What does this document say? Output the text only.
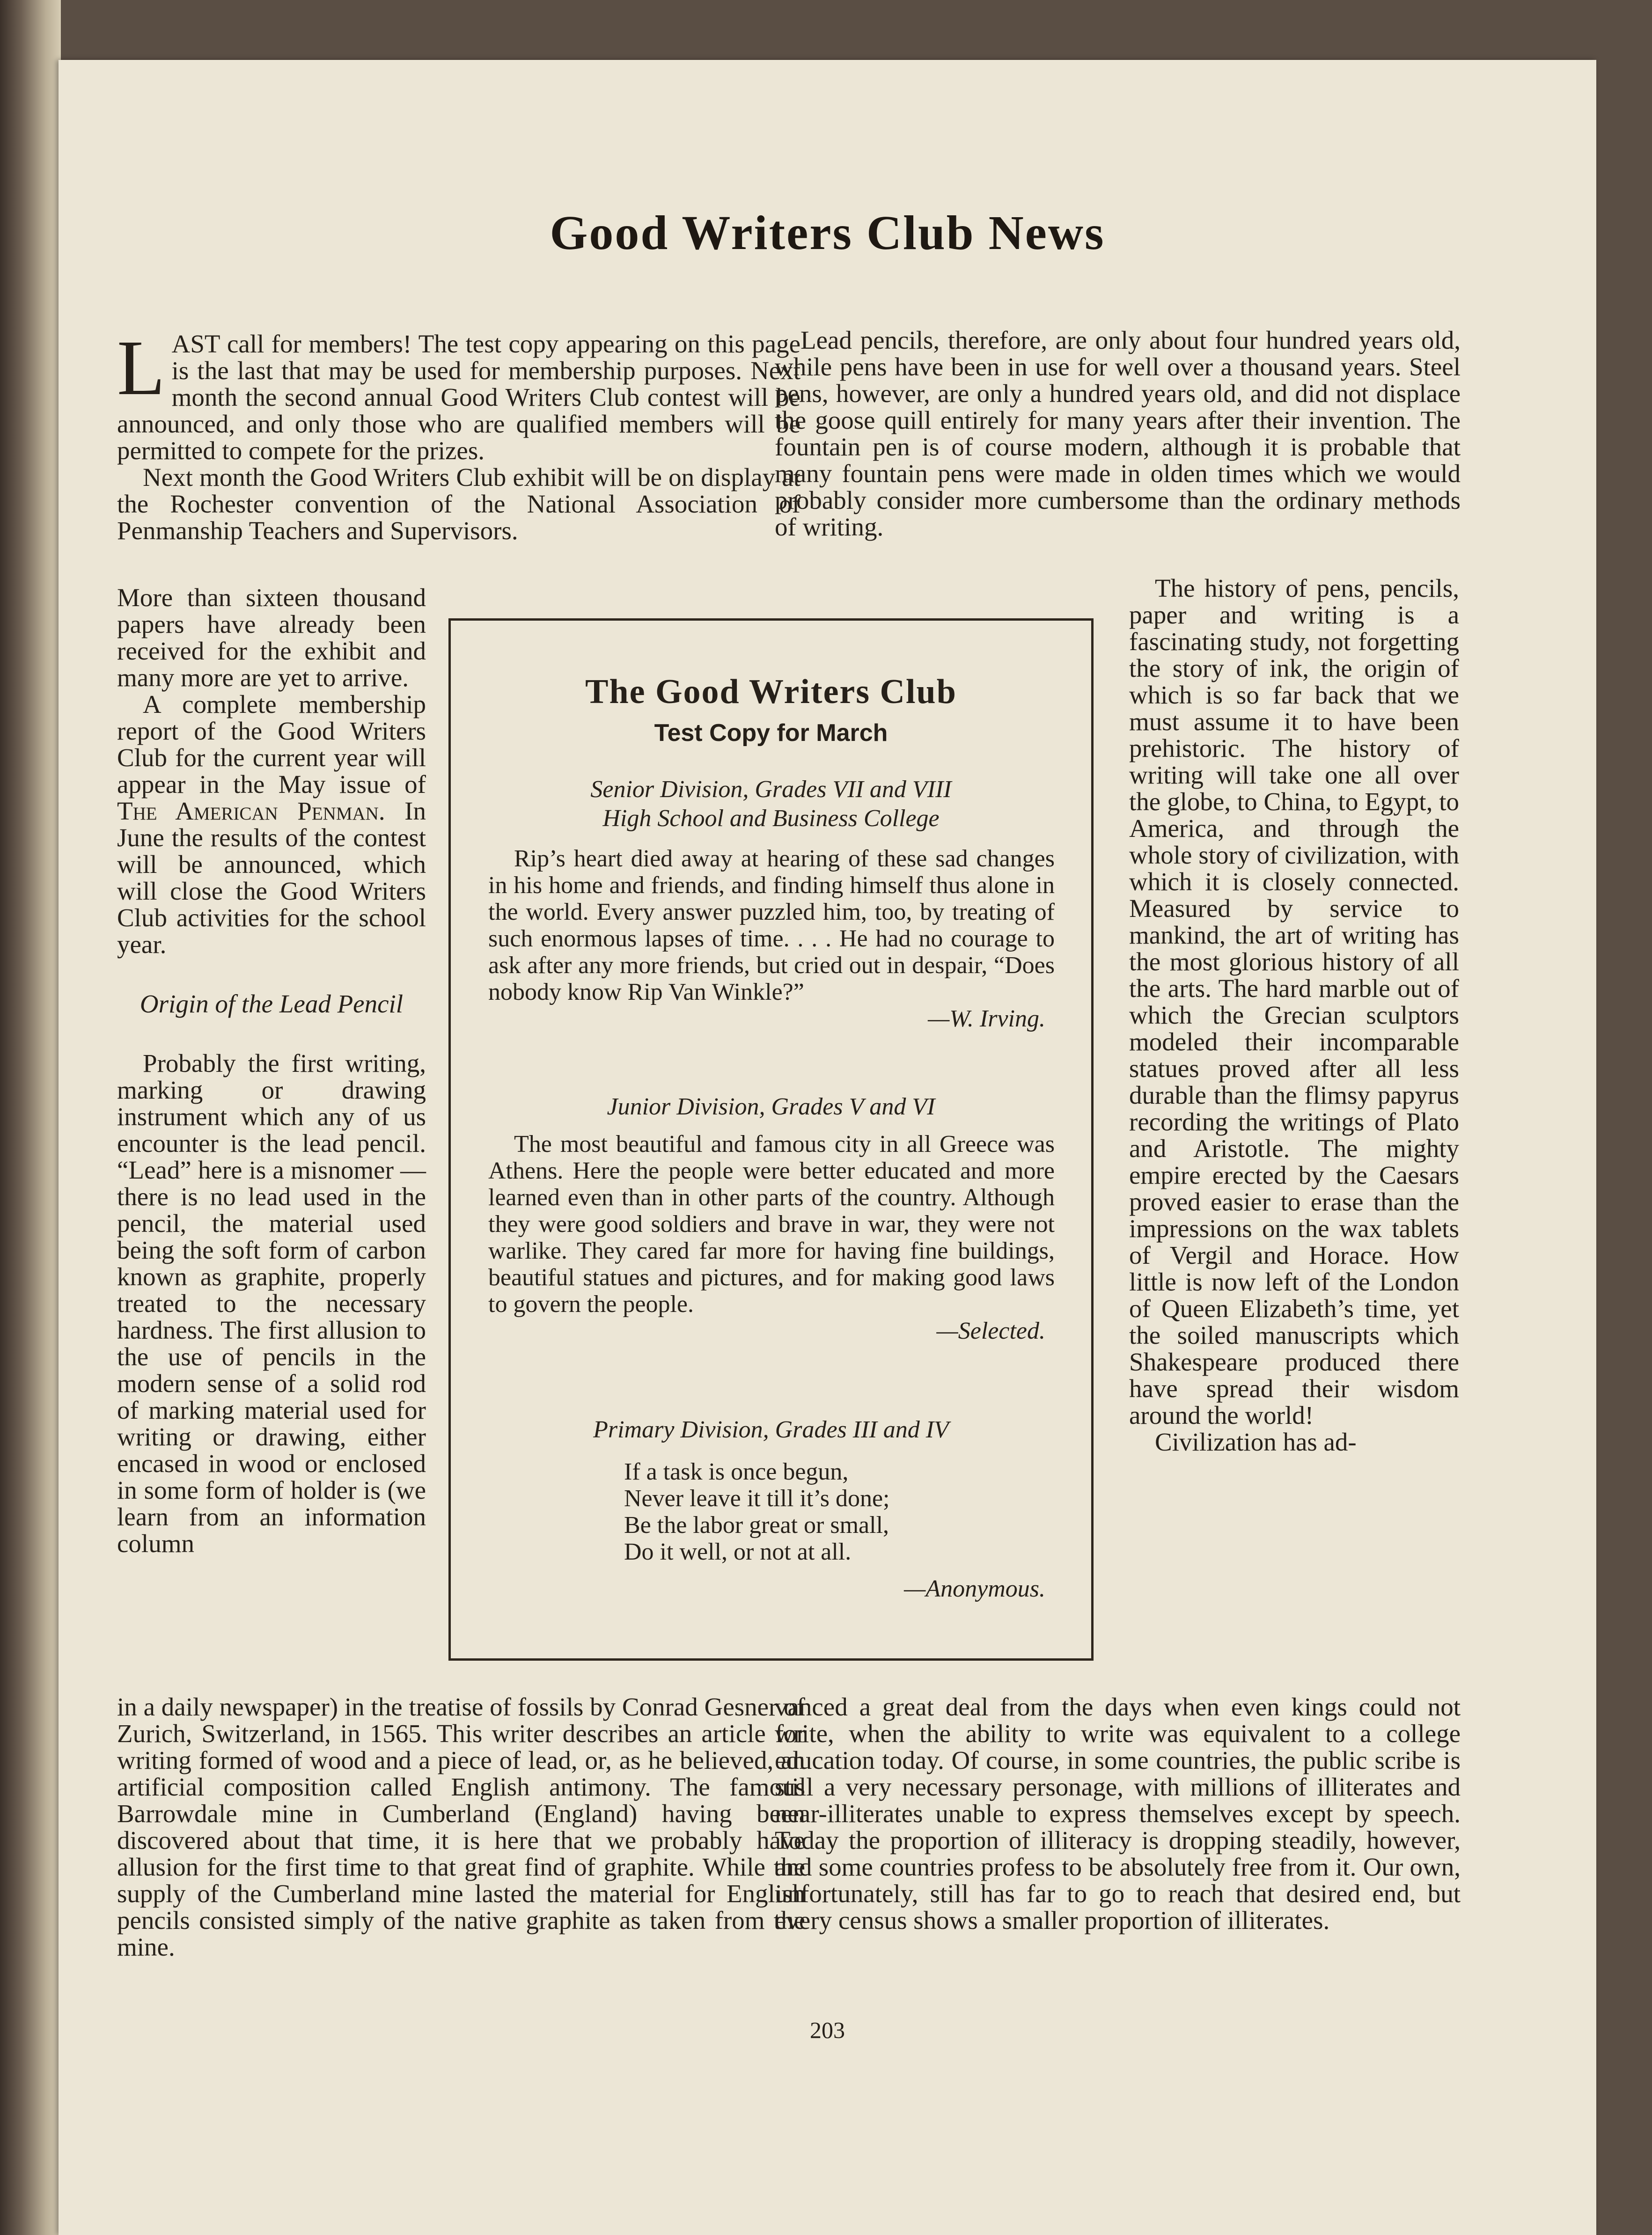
Good Writers Club News

LAST call for members! The test copy appearing on this page is the last that may be used for membership purposes. Next month the second annual Good Writers Club contest will be announced, and only those who are qualified members will be permitted to compete for the prizes.

Next month the Good Writers Club exhibit will be on display at the Rochester convention of the National Association of Penmanship Teachers and Supervisors.

More than sixteen thousand papers have already been received for the exhibit and many more are yet to arrive.

A complete membership report of the Good Writers Club for the current year will appear in the May issue of The American Penman. In June the results of the contest will be announced, which will close the Good Writers Club activities for the school year.

Origin of the Lead Pencil

Probably the first writing, marking or drawing instrument which any of us encounter is the lead pencil. “Lead” here is a misnomer — there is no lead used in the pencil, the material used being the soft form of carbon known as graphite, properly treated to the necessary hardness. The first allusion to the use of pencils in the modern sense of a solid rod of marking material used for writing or drawing, either encased in wood or enclosed in some form of holder is (we learn from an information column

in a daily newspaper) in the treatise of fossils by Conrad Gesner of Zurich, Switzerland, in 1565. This writer describes an article for writing formed of wood and a piece of lead, or, as he believed, an artificial composition called English antimony. The famous Barrowdale mine in Cumberland (England) having been discovered about that time, it is here that we probably have allusion for the first time to that great find of graphite. While the supply of the Cumberland mine lasted the material for English pencils consisted simply of the native graphite as taken from the mine.

Lead pencils, therefore, are only about four hundred years old, while pens have been in use for well over a thousand years. Steel pens, however, are only a hundred years old, and did not displace the goose quill entirely for many years after their invention. The fountain pen is of course modern, although it is probable that many fountain pens were made in olden times which we would probably consider more cumbersome than the ordinary methods of writing.

The history of pens, pencils, paper and writing is a fascinating study, not forgetting the story of ink, the origin of which is so far back that we must assume it to have been prehistoric. The history of writing will take one all over the globe, to China, to Egypt, to America, and through the whole story of civilization, with which it is closely connected. Measured by service to mankind, the art of writing has the most glorious history of all the arts. The hard marble out of which the Grecian sculptors modeled their incomparable statues proved after all less durable than the flimsy papyrus recording the writings of Plato and Aristotle. The mighty empire erected by the Caesars proved easier to erase than the impressions on the wax tablets of Vergil and Horace. How little is now left of the London of Queen Elizabeth’s time, yet the soiled manuscripts which Shakespeare produced there have spread their wisdom around the world!

Civilization has ad-

vanced a great deal from the days when even kings could not write, when the ability to write was equivalent to a college education today. Of course, in some countries, the public scribe is still a very necessary personage, with millions of illiterates and near-illiterates unable to express themselves except by speech. Today the proportion of illiteracy is dropping steadily, however, and some countries profess to be absolutely free from it. Our own, unfortunately, still has far to go to reach that desired end, but every census shows a smaller proportion of illiterates.

The Good Writers Club
Test Copy for March
Senior Division, Grades VII and VIII
High School and Business College
Rip’s heart died away at hearing of these sad changes in his home and friends, and finding himself thus alone in the world. Every answer puzzled him, too, by treating of such enormous lapses of time. . . . He had no courage to ask after any more friends, but cried out in despair, “Does nobody know Rip Van Winkle?”
—W. Irving.
Junior Division, Grades V and VI
The most beautiful and famous city in all Greece was Athens. Here the people were better educated and more learned even than in other parts of the country. Although they were good soldiers and brave in war, they were not warlike. They cared far more for having fine buildings, beautiful statues and pictures, and for making good laws to govern the people.
—Selected.
Primary Division, Grades III and IV
If a task is once begun,
Never leave it till it’s done;
Be the labor great or small,
Do it well, or not at all.
—Anonymous.
203
